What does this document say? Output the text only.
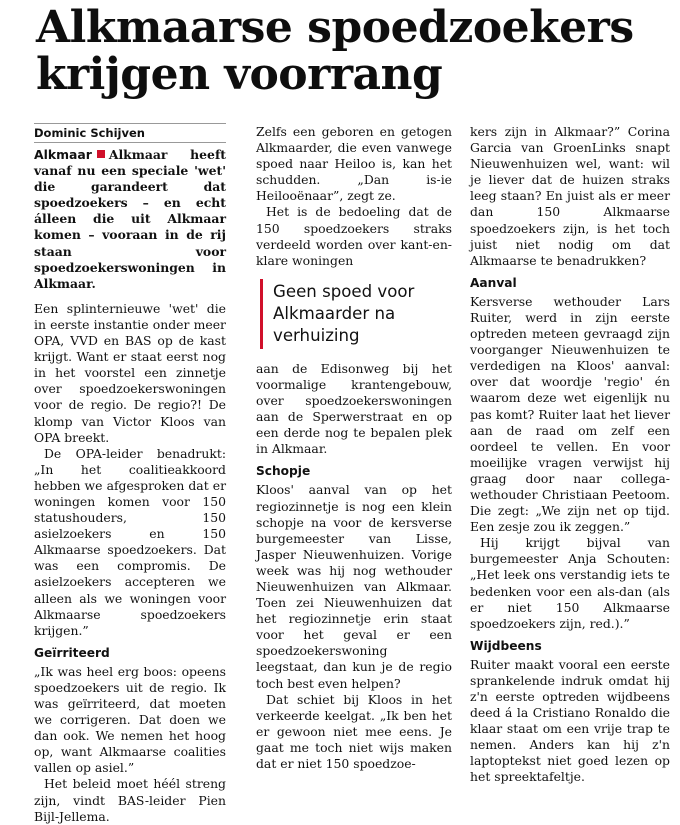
Alkmaarse spoedzoekers krijgen voorrang
Dominic Schijven

Alkmaar Alkmaar heeft vanaf nu een speciale 'wet' die garandeert dat spoedzoekers – en echt álleen die uit Alkmaar komen – vooraan in de rij staan voor spoedzoekerswoningen in Alkmaar.

Een splinternieuwe 'wet' die in eerste instantie onder meer OPA, VVD en BAS op de kast krijgt. Want er staat eerst nog in het voorstel een zinnetje over spoedzoekerswoningen voor de regio. De regio?! De klomp van Victor Kloos van OPA breekt.

De OPA-leider benadrukt: „In het coalitieakkoord hebben we afgesproken dat er woningen komen voor 150 statushouders, 150 asielzoekers en 150 Alkmaarse spoedzoekers. Dat was een compromis. De asielzoekers accepteren we alleen als we woningen voor Alkmaarse spoedzoekers krijgen.”

Geïrriteerd

„Ik was heel erg boos: opeens spoedzoekers uit de regio. Ik was geïrriteerd, dat moeten we corrigeren. Dat doen we dan ook. We nemen het hoog op, want Alkmaarse coalities vallen op asiel.”

Het beleid moet héél streng zijn, vindt BAS-leider Pien Bijl-Jellema.

Zelfs een geboren en getogen Alkmaarder, die even vanwege spoed naar Heiloo is, kan het schudden. „Dan is-ie Heilooënaar”, zegt ze.

Het is de bedoeling dat de 150 spoedzoekers straks verdeeld worden over kant-en-klare woningen

Geen spoed voor Alkmaarder na verhuizing

aan de Edisonweg bij het voormalige krantengebouw, over spoedzoekerswoningen aan de Sperwerstraat en op een derde nog te bepalen plek in Alkmaar.

Schopje

Kloos' aanval van op het regiozinnetje is nog een klein schopje na voor de kersverse burgemeester van Lisse, Jasper Nieuwenhuizen. Vorige week was hij nog wethouder Nieuwenhuizen van Alkmaar. Toen zei Nieuwenhuizen dat het regiozinnetje erin staat voor het geval er een spoedzoekerswoning leegstaat, dan kun je de regio toch best even helpen?

Dat schiet bij Kloos in het verkeerde keelgat. „Ik ben het er gewoon niet mee eens. Je gaat me toch niet wijs maken dat er niet 150 spoedzoe-

kers zijn in Alkmaar?” Corina Garcia van GroenLinks snapt Nieuwenhuizen wel, want: wil je liever dat de huizen straks leeg staan? En juist als er meer dan 150 Alkmaarse spoedzoekers zijn, is het toch juist niet nodig om dat Alkmaarse te benadrukken?

Aanval

Kersverse wethouder Lars Ruiter, werd in zijn eerste optreden meteen gevraagd zijn voorganger Nieuwenhuizen te verdedigen na Kloos' aanval: over dat woordje 'regio' én waarom deze wet eigenlijk nu pas komt? Ruiter laat het liever aan de raad om zelf een oordeel te vellen. En voor moeilijke vragen verwijst hij graag door naar collega-wethouder Christiaan Peetoom. Die zegt: „We zijn net op tijd. Een zesje zou ik zeggen.”

Hij krijgt bijval van burgemeester Anja Schouten: „Het leek ons verstandig iets te bedenken voor een als-dan (als er niet 150 Alkmaarse spoedzoekers zijn, red.).”

Wijdbeens

Ruiter maakt vooral een eerste sprankelende indruk omdat hij z'n eerste optreden wijdbeens deed á la Cristiano Ronaldo die klaar staat om een vrije trap te nemen. Anders kan hij z'n laptoptekst niet goed lezen op het spreektafeltje.
